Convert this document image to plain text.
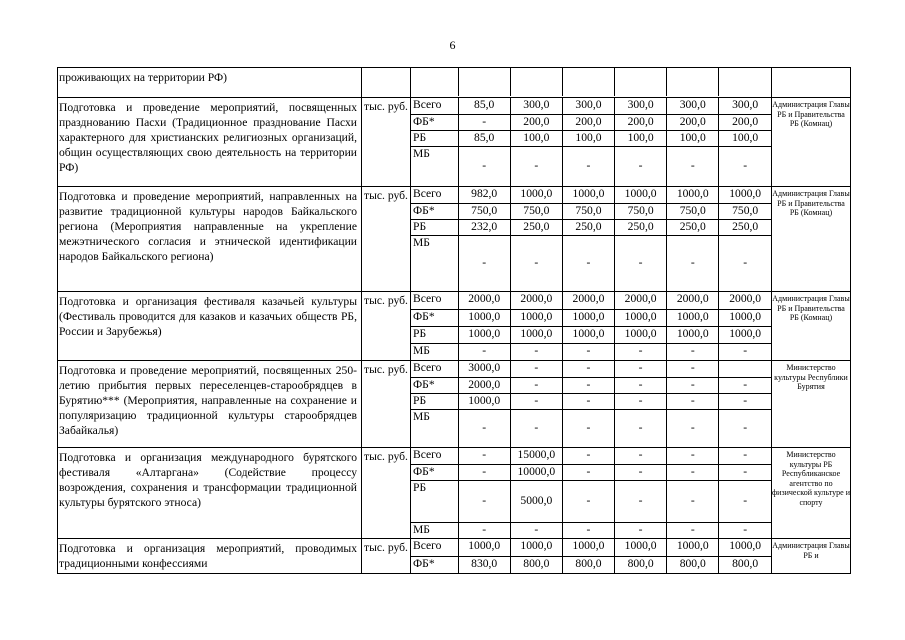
6
проживающих на территории РФ)

Подготовка и проведение мероприятий, посвященных празднованию Пасхи (Традиционное празднование Пасхи характерного для христианских религиозных организаций, общин осуществляющих свою деятельность на территории РФ)
	тыс. руб.	Всего	85,0	300,0	300,0	300,0	300,0	300,0
ФБ*	-	200,0	200,0	200,0	200,0	200,0
РБ	85,0	100,0	100,0	100,0	100,0	100,0
МБ	-	-	-	-	-	-
	Администрация Главы РБ и Правительства РБ (Комнац)

Подготовка и проведение мероприятий, направленных на развитие традиционной культуры народов Байкальского региона (Мероприятия направленные на укрепление межэтнического согласия и этнической идентификации народов Байкальского региона)
	тыс. руб.	Всего	982,0	1000,0	1000,0	1000,0	1000,0	1000,0
ФБ*	750,0	750,0	750,0	750,0	750,0	750,0
РБ	232,0	250,0	250,0	250,0	250,0	250,0
МБ	-	-	-	-	-	-
	Администрация Главы РБ и Правительства РБ (Комнац)

Подготовка и организация фестиваля казачьей культуры (Фестиваль проводится для казаков и казачьих обществ РБ, России и Зарубежья)
	тыс. руб.	Всего	2000,0	2000,0	2000,0	2000,0	2000,0	2000,0
ФБ*	1000,0	1000,0	1000,0	1000,0	1000,0	1000,0
РБ	1000,0	1000,0	1000,0	1000,0	1000,0	1000,0
МБ	-	-	-	-	-	-
	Администрация Главы РБ и Правительства РБ (Комнац)

Подготовка и проведение мероприятий, посвященных 250-летию прибытия первых переселенцев-старообрядцев в Бурятию*** (Мероприятия, направленные на сохранение и популяризацию традиционной культуры старообрядцев Забайкалья)
	тыс. руб.	Всего	3000,0	-	-	-	-	
ФБ*	2000,0	-	-	-	-	-
РБ	1000,0	-	-	-	-	-
МБ	-	-	-	-	-	-
	Министерство культуры Республики Бурятия

Подготовка и организация международного бурятского фестиваля «Алтаргана» (Содействие процессу возрождения, сохранения и трансформации традиционной культуры бурятского этноса)
	тыс. руб.	Всего	-	15000,0	-	-	-	-
ФБ*	-	10000,0	-	-	-	-
РБ	-	5000,0	-	-	-	-
МБ	-	-	-	-	-	-
	Министерство культуры РБ Республиканское агентство по физической культуре и спорту

Подготовка и организация мероприятий, проводимых традиционными конфессиями
	тыс. руб.	Всего	1000,0	1000,0	1000,0	1000,0	1000,0	1000,0
ФБ*	830,0	800,0	800,0	800,0	800,0	800,0
	Администрация Главы РБ и
